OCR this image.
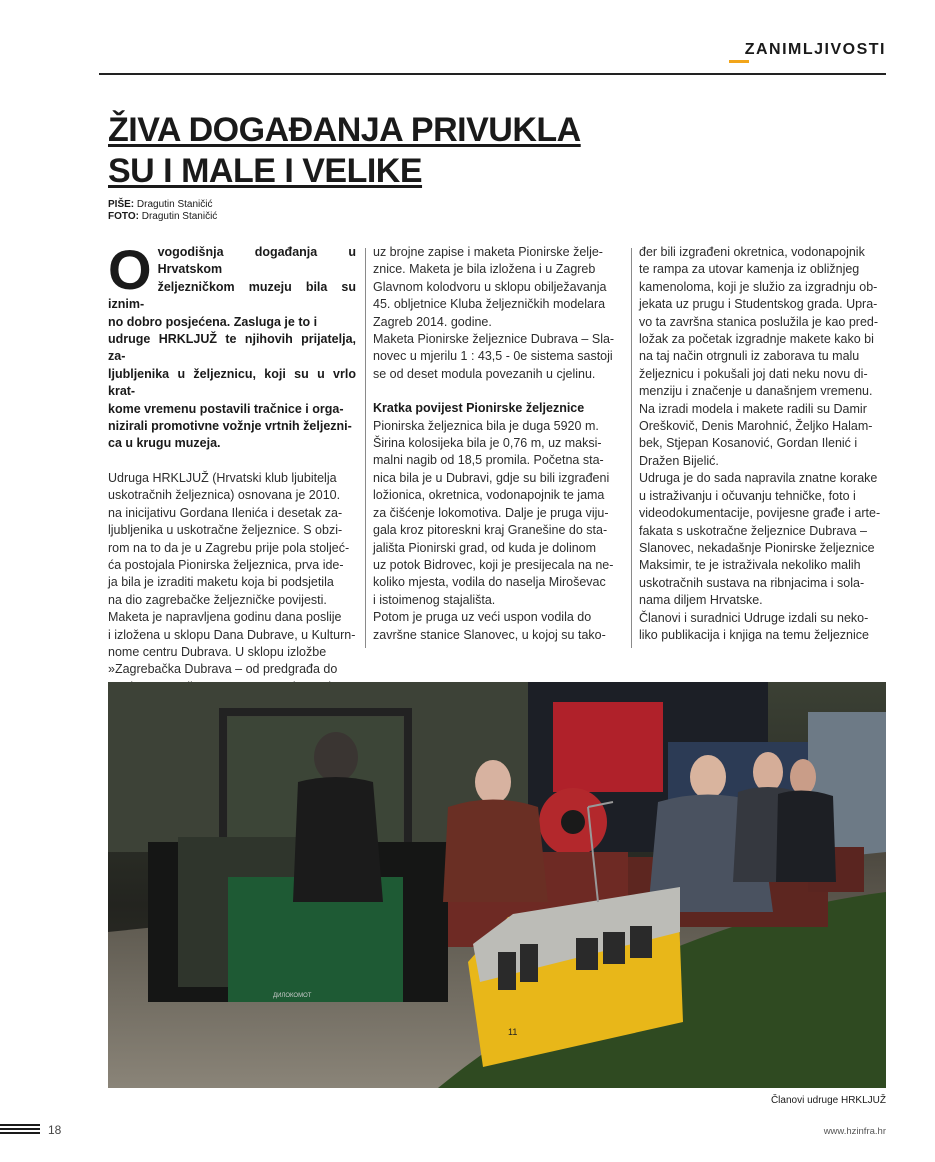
ZANIMLJIVOSTI
ŽIVA DOGAĐANJA PRIVUKLA
SU I MALE I VELIKE
PIŠE: Dragutin Staničić
FOTO: Dragutin Staničić
O vogodišnja događanja u Hrvatskom
željezničkom muzeju bila su iznim-
no dobro posjećena. Zasluga je to i
udruge HRKLJUŽ te njihovih prijatelja, za-
ljubljenika u željeznicu, koji su u vrlo krat-
kome vremenu postavili tračnice i orga-
nizirali promotivne vožnje vrtnih željezni-
ca u krugu muzeja.
Udruga HRKLJUŽ (Hrvatski klub ljubitelja
uskotračnih željeznica) osnovana je 2010.
na inicijativu Gordana Ilenića i desetak za-
ljubljenika u uskotračne željeznice. S obzi-
rom na to da je u Zagrebu prije pola stoljeć-
ća postojala Pionirska željeznica, prva ide-
ja bila je izraditi maketu koja bi podsjetila
na dio zagrebačke željezničke povijesti.
Maketa je napravljena godinu dana poslije
i izložena u sklopu Dana Dubrave, u Kulturn-
nome centru Dubrava. U sklopu izložbe
»Zagrebačka Dubrava – od predgrađa do
uz brojne zapise i maketa Pionirske želje-
znice. Maketa je bila izložena i u Zagreb
Glavnom kolodvoru u sklopu obilježavanja
45. obljetnice Kluba željezničkih modelara
Zagreb 2014. godine.
Maketa Pionirske željeznice Dubrava – Sla-
novec u mjerilu 1 : 43,5 - 0e sistema sastoji
se od deset modula povezanih u cjelinu.
Kratka povijest Pionirske željeznice
Pionirska željeznica bila je duga 5920 m.
Širina kolosijeka bila je 0,76 m, uz maksi-
malni nagib od 18,5 promila. Početna sta-
nica bila je u Dubravi, gdje su bili izgrađeni
ložionica, okretnica, vodonapojnik te jama
za čišćenje lokomotiva. Dalje je pruga viju-
gala kroz pitoreskni kraj Granešine do sta-
jališta Pionirski grad, od kuda je dolinom
uz potok Bidrovec, koji je presijecala na ne-
koliko mjesta, vodila do naselja Miroševac
i istoimenog stajališta.
Potom je pruga uz veći uspon vodila do
završne stanice Slanovec, u kojoj su tako-
đer bili izgrađeni okretnica, vodonapojnik
te rampa za utovar kamenja iz obližnjeg
kamenoloma, koji je služio za izgradnju ob-
jekata uz prugu i Studentskog grada. Upra-
vo ta završna stanica poslužila je kao pred-
ložak za početak izgradnje makete kako bi
na taj način otrgnuli iz zaborava tu malu
željeznicu i pokušali joj dati neku novu di-
menziju i značenje u današnjem vremenu.
Na izradi modela i makete radili su Damir
Oreškovič, Denis Marohnić, Željko Halam-
bek, Stjepan Kosanović, Gordan Ilenić i
Dražen Bijelić.
Udruga je do sada napravila znatne korake
u istraživanju i očuvanju tehničke, foto i
videodokumentacije, povijesne građe i arte-
fakata s uskotračne željeznice Dubrava –
Slanovec, nekadašnje Pionirske željeznice
Maksimir, te je istraživala nekoliko malih
uskotračnih sustava na ribnjacima i sola-
nama diljem Hrvatske.
Članovi i suradnici Udruge izdali su neko-
liko publikacija i knjiga na temu željeznice
11
ДИЛОКОМОТ
Članovi udruge HRKLJUŽ
18	www.hzinfra.hr
